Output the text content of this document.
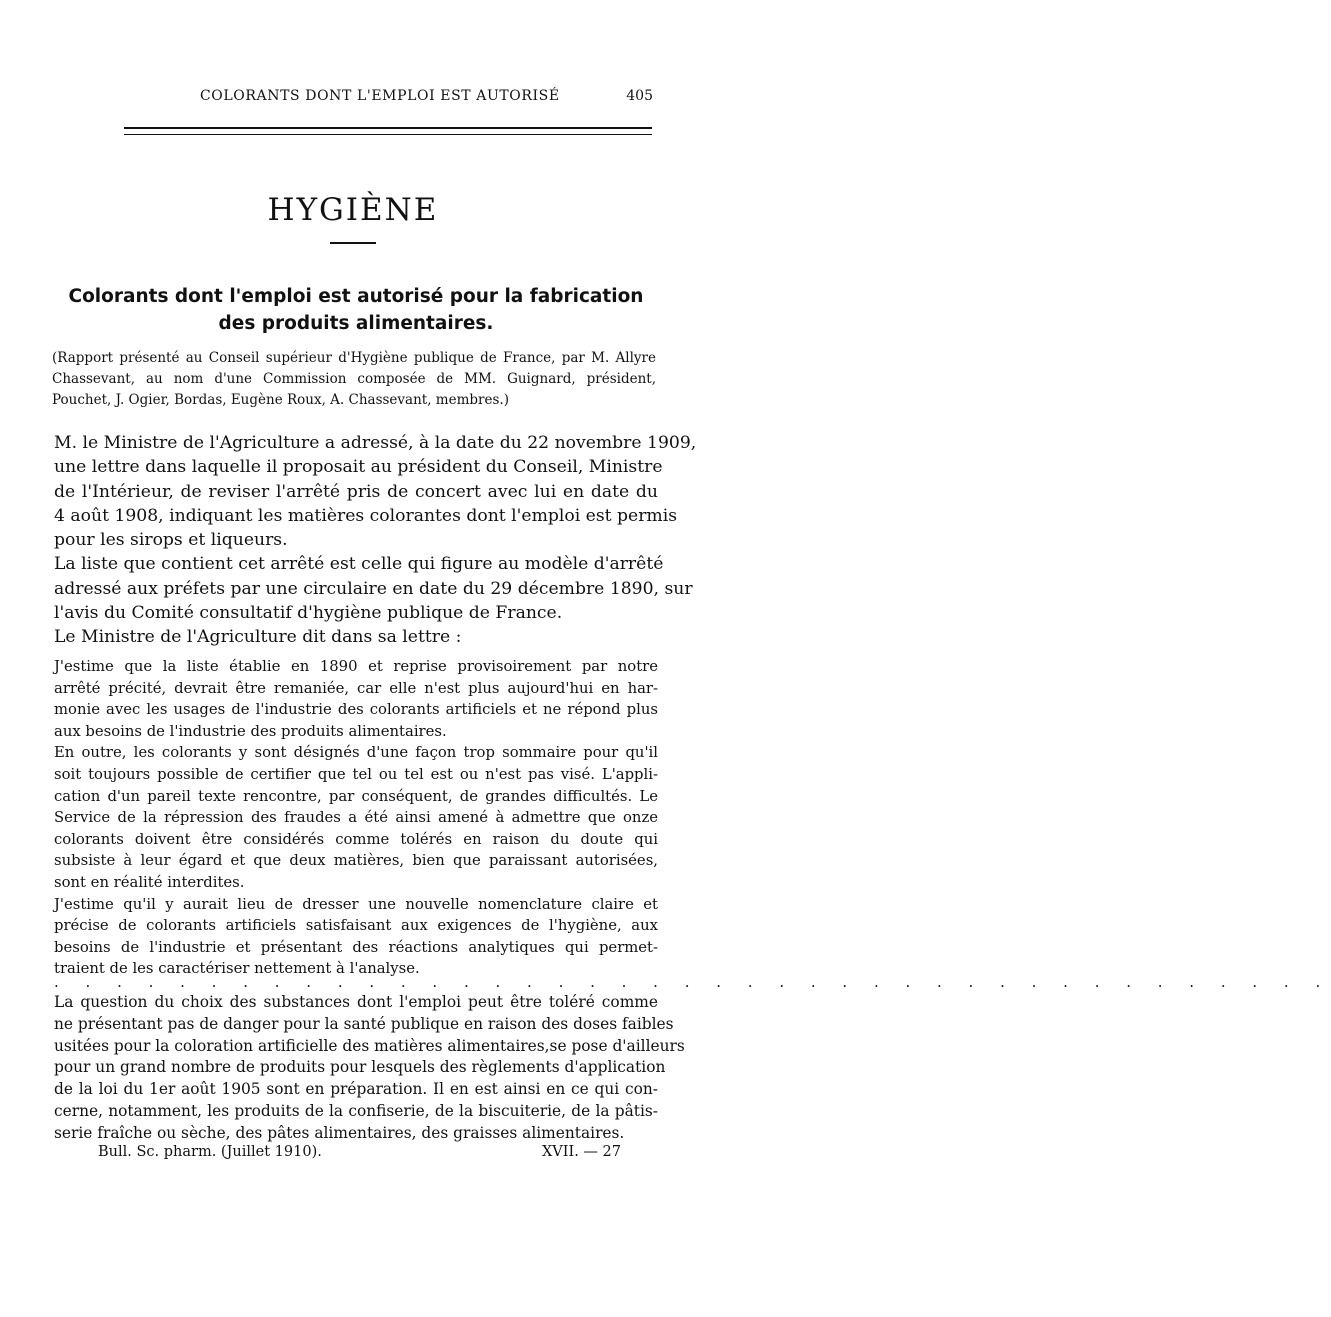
COLORANTS DONT L'EMPLOI EST AUTORISÉ	405
HYGIÈNE
Colorants dont l'emploi est autorisé pour la fabrication
des produits alimentaires.

(Rapport présenté au Conseil supérieur d'Hygiène publique de France, par M. Allyre
Chassevant, au nom d'une Commission composée de MM. Guignard, président,
Pouchet, J. Ogier, Bordas, Eugène Roux, A. Chassevant, membres.)

M. le Ministre de l'Agriculture a adressé, à la date du 22 novembre 1909,
une lettre dans laquelle il proposait au président du Conseil, Ministre
de l'Intérieur, de reviser l'arrêté pris de concert avec lui en date du
4 août 1908, indiquant les matières colorantes dont l'emploi est permis
pour les sirops et liqueurs.
La liste que contient cet arrêté est celle qui figure au modèle d'arrêté
adressé aux préfets par une circulaire en date du 29 décembre 1890, sur
l'avis du Comité consultatif d'hygiène publique de France.
Le Ministre de l'Agriculture dit dans sa lettre :

J'estime que la liste établie en 1890 et reprise provisoirement par notre
arrêté précité, devrait être remaniée, car elle n'est plus aujourd'hui en har-
monie avec les usages de l'industrie des colorants artificiels et ne répond plus
aux besoins de l'industrie des produits alimentaires.
En outre, les colorants y sont désignés d'une façon trop sommaire pour qu'il
soit toujours possible de certifier que tel ou tel est ou n'est pas visé. L'appli-
cation d'un pareil texte rencontre, par conséquent, de grandes difficultés. Le
Service de la répression des fraudes a été ainsi amené à admettre que onze
colorants doivent être considérés comme tolérés en raison du doute qui
subsiste à leur égard et que deux matières, bien que paraissant autorisées,
sont en réalité interdites.
J'estime qu'il y aurait lieu de dresser une nouvelle nomenclature claire et
précise de colorants artificiels satisfaisant aux exigences de l'hygiène, aux
besoins de l'industrie et présentant des réactions analytiques qui permet-
traient de les caractériser nettement à l'analyse.

. . . . . . . . . . . . . . . . . . . . . . . . . . . . . . . . . . . . . . . . .

La question du choix des substances dont l'emploi peut être toléré comme
ne présentant pas de danger pour la santé publique en raison des doses faibles
usitées pour la coloration artificielle des matières alimentaires,se pose d'ailleurs
pour un grand nombre de produits pour lesquels des règlements d'application
de la loi du 1er août 1905 sont en préparation. Il en est ainsi en ce qui con-
cerne, notamment, les produits de la confiserie, de la biscuiterie, de la pâtis-
serie fraîche ou sèche, des pâtes alimentaires, des graisses alimentaires.

Bull. Sc. pharm. (Juillet 1910).	XVII. — 27
